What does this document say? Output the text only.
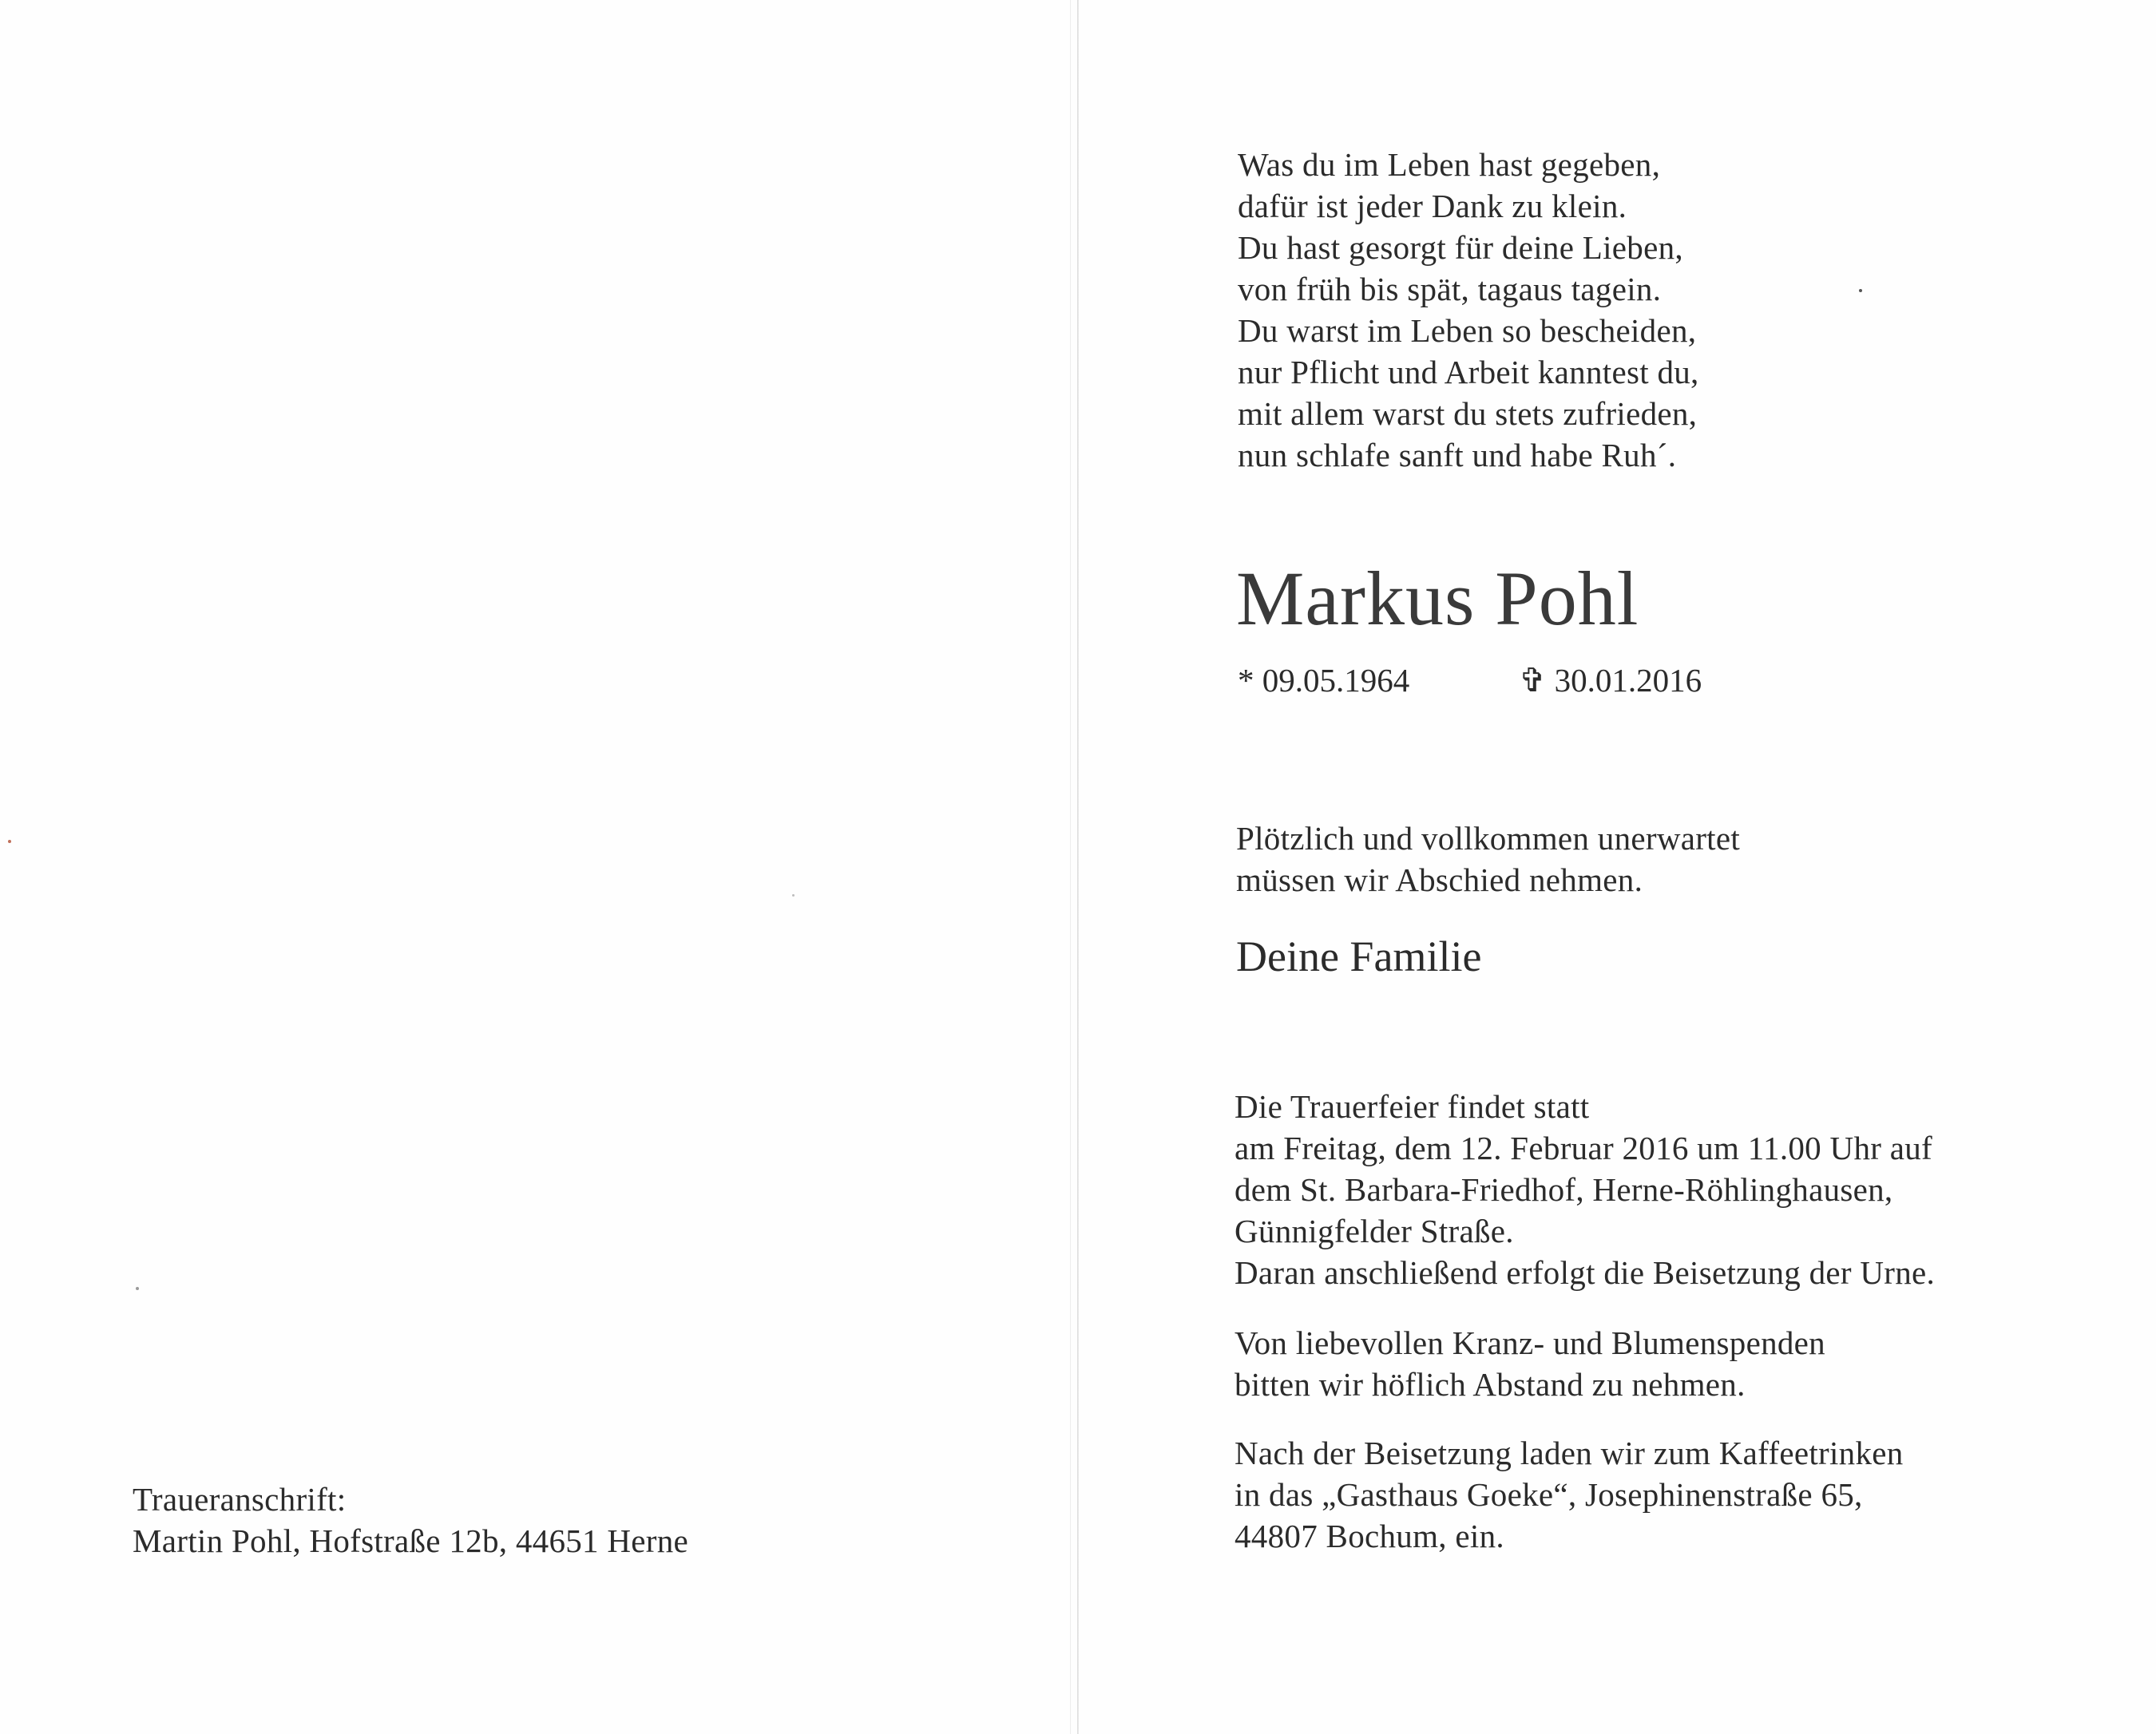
Traueranschrift:
Martin Pohl, Hofstraße 12b, 44651 Herne
Was du im Leben hast gegeben,
dafür ist jeder Dank zu klein.
Du hast gesorgt für deine Lieben,
von früh bis spät, tagaus tagein.
Du warst im Leben so bescheiden,
nur Pflicht und Arbeit kanntest du,
mit allem warst du stets zufrieden,
nun schlafe sanft und habe Ruh´.
Markus Pohl
* 09.05.1964	✞ 30.01.2016
Plötzlich und vollkommen unerwartet
müssen wir Abschied nehmen.
Deine Familie
Die Trauerfeier findet statt
am Freitag, dem 12. Februar 2016 um 11.00 Uhr auf
dem St. Barbara-Friedhof, Herne-Röhlinghausen,
Günnigfelder Straße.
Daran anschließend erfolgt die Beisetzung der Urne.
Von liebevollen Kranz- und Blumenspenden
bitten wir höflich Abstand zu nehmen.
Nach der Beisetzung laden wir zum Kaffeetrinken
in das „Gasthaus Goeke“, Josephinenstraße 65,
44807 Bochum, ein.
